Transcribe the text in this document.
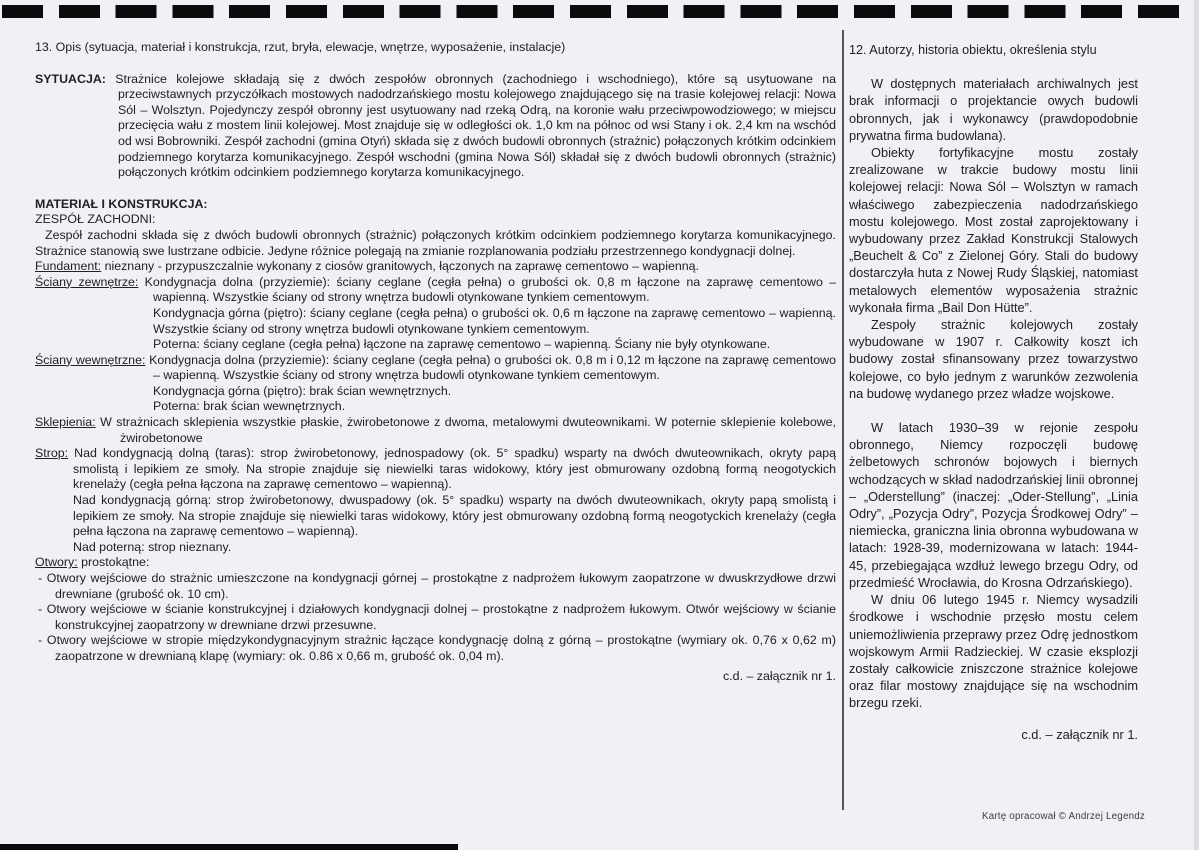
13. Opis (sytuacja, materiał i konstrukcja, rzut, bryła, elewacje, wnętrze, wyposażenie, instalacje)

SYTUACJA: Strażnice kolejowe składają się z dwóch zespołów obronnych (zachodniego i wschodniego), które są usytuowane na przeciwstawnych przyczółkach mostowych nadodrzańskiego mostu kolejowego znajdującego się na trasie kolejowej relacji: Nowa Sól – Wolsztyn. Pojedynczy zespół obronny jest usytuowany nad rzeką Odrą, na koronie wału przeciwpowodziowego; w miejscu przecięcia wału z mostem linii kolejowej. Most znajduje się w odległości ok. 1,0 km na północ od wsi Stany i ok. 2,4 km na wschód od wsi Bobrowniki. Zespół zachodni (gmina Otyń) składa się z dwóch budowli obronnych (strażnic) połączonych krótkim odcinkiem podziemnego korytarza komunikacyjnego. Zespół wschodni (gmina Nowa Sól) składał się z dwóch budowli obronnych (strażnic) połączonych krótkim odcinkiem podziemnego korytarza komunikacyjnego.

MATERIAŁ I KONSTRUKCJA:

ZESPÓŁ ZACHODNI:

Zespół zachodni składa się z dwóch budowli obronnych (strażnic) połączonych krótkim odcinkiem podziemnego korytarza komunikacyjnego. Strażnice stanowią swe lustrzane odbicie. Jedyne różnice polegają na zmianie rozplanowania podziału przestrzennego kondygnacji dolnej.

Fundament: nieznany - przypuszczalnie wykonany z ciosów granitowych, łączonych na zaprawę cementowo – wapienną.

Ściany zewnętrze: Kondygnacja dolna (przyziemie): ściany ceglane (cegła pełna) o grubości ok. 0,8 m łączone na zaprawę cementowo – wapienną. Wszystkie ściany od strony wnętrza budowli otynkowane tynkiem cementowym.

Kondygnacja górna (piętro): ściany ceglane (cegła pełna) o grubości ok. 0,6 m łączone na zaprawę cementowo – wapienną. Wszystkie ściany od strony wnętrza budowli otynkowane tynkiem cementowym.

Poterna: ściany ceglane (cegła pełna) łączone na zaprawę cementowo – wapienną. Ściany nie były otynkowane.

Ściany wewnętrzne: Kondygnacja dolna (przyziemie): ściany ceglane (cegła pełna) o grubości ok. 0,8 m i 0,12 m łączone na zaprawę cementowo – wapienną. Wszystkie ściany od strony wnętrza budowli otynkowane tynkiem cementowym.

Kondygnacja górna (piętro): brak ścian wewnętrznych.

Poterna: brak ścian wewnętrznych.

Sklepienia: W strażnicach sklepienia wszystkie płaskie, żwirobetonowe z dwoma, metalowymi dwuteownikami. W poternie sklepienie kolebowe, żwirobetonowe

Strop: Nad kondygnacją dolną (taras): strop żwirobetonowy, jednospadowy (ok. 5° spadku) wsparty na dwóch dwuteownikach, okryty papą smolistą i lepikiem ze smoły. Na stropie znajduje się niewielki taras widokowy, który jest obmurowany ozdobną formą neogotyckich krenelaży (cegła pełna łączona na zaprawę cementowo – wapienną).

Nad kondygnacją górną: strop żwirobetonowy, dwuspadowy (ok. 5° spadku) wsparty na dwóch dwuteownikach, okryty papą smolistą i lepikiem ze smoły. Na stropie znajduje się niewielki taras widokowy, który jest obmurowany ozdobną formą neogotyckich krenelaży (cegła pełna łączona na zaprawę cementowo – wapienną).

Nad poterną: strop nieznany.

Otwory: prostokątne:

- Otwory wejściowe do strażnic umieszczone na kondygnacji górnej – prostokątne z nadprożem łukowym zaopatrzone w dwuskrzydłowe drzwi drewniane (grubość ok. 10 cm).

- Otwory wejściowe w ścianie konstrukcyjnej i działowych kondygnacji dolnej – prostokątne z nadprożem łukowym. Otwór wejściowy w ścianie konstrukcyjnej zaopatrzony w drewniane drzwi przesuwne.

- Otwory wejściowe w stropie międzykondygnacyjnym strażnic łączące kondygnację dolną z górną – prostokątne (wymiary ok. 0,76 x 0,62 m) zaopatrzone w drewnianą klapę (wymiary: ok. 0.86 x 0,66 m, grubość ok. 0,04 m).

c.d. – załącznik nr 1.

12. Autorzy, historia obiektu, określenia stylu

W dostępnych materiałach archiwalnych jest brak informacji o projektancie owych budowli obronnych, jak i wykonawcy (prawdopodobnie prywatna firma budowlana).

Obiekty fortyfikacyjne mostu zostały zrealizowane w trakcie budowy mostu linii kolejowej relacji: Nowa Sól – Wolsztyn w ramach właściwego zabezpieczenia nadodrzańskiego mostu kolejowego. Most został zaprojektowany i wybudowany przez Zakład Konstrukcji Stalowych „Beuchelt & Co” z Zielonej Góry. Stali do budowy dostarczyła huta z Nowej Rudy Śląskiej, natomiast metalowych elementów wyposażenia strażnic wykonała firma „Bail Don Hütte”.

Zespoły strażnic kolejowych zostały wybudowane w 1907 r. Całkowity koszt ich budowy został sfinansowany przez towarzystwo kolejowe, co było jednym z warunków zezwolenia na budowę wydanego przez władze wojskowe.

W latach 1930–39 w rejonie zespołu obronnego, Niemcy rozpoczęli budowę żelbetowych schronów bojowych i biernych wchodzących w skład nadodrzańskiej linii obronnej – „Oderstellung” (inaczej: „Oder-Stellung”, „Linia Odry”, „Pozycja Odry”, Pozycja Środkowej Odry” – niemiecka, graniczna linia obronna wybudowana w latach: 1928-39, modernizowana w latach: 1944-45, przebiegająca wzdłuż lewego brzegu Odry, od przedmieść Wrocławia, do Krosna Odrzańskiego).

W dniu 06 lutego 1945 r. Niemcy wysadzili środkowe i wschodnie przęsło mostu celem uniemożliwienia przeprawy przez Odrę jednostkom wojskowym Armii Radzieckiej. W czasie eksplozji zostały całkowicie zniszczone strażnice kolejowe oraz filar mostowy znajdujące się na wschodnim brzegu rzeki.

c.d. – załącznik nr 1.

Kartę opracował © Andrzej Legendz
